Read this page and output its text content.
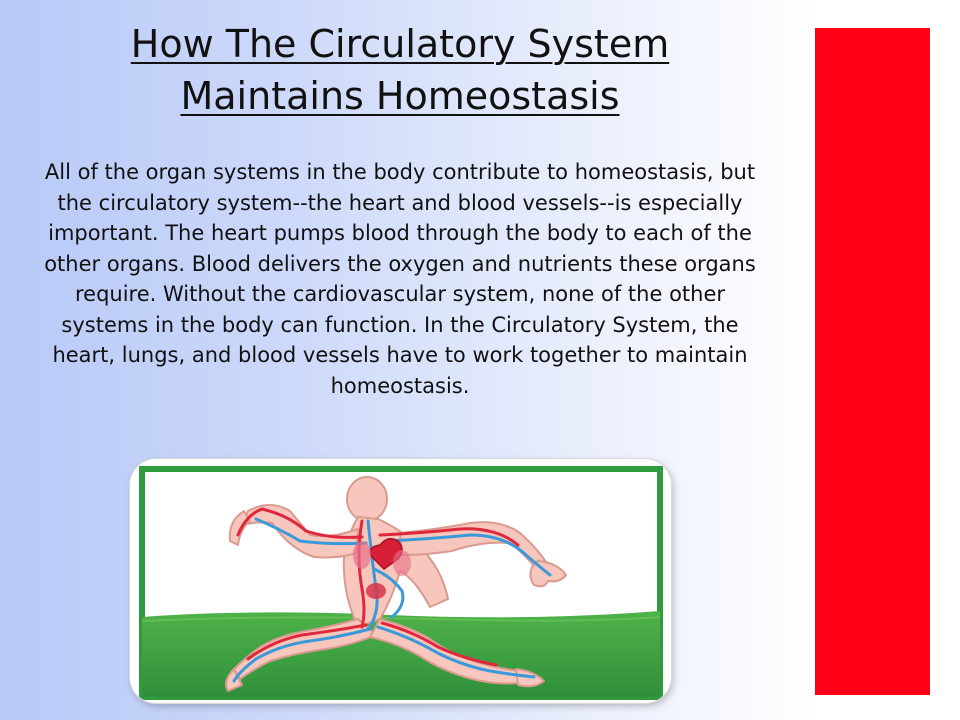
How The Circulatory System
Maintains Homeostasis

All of the organ systems in the body contribute to homeostasis, but the circulatory system--the heart and blood vessels--is especially important. The heart pumps blood through the body to each of the other organs. Blood delivers the oxygen and nutrients these organs require. Without the cardiovascular system, none of the other systems in the body can function. In the Circulatory System, the heart, lungs, and blood vessels have to work together to maintain homeostasis.
